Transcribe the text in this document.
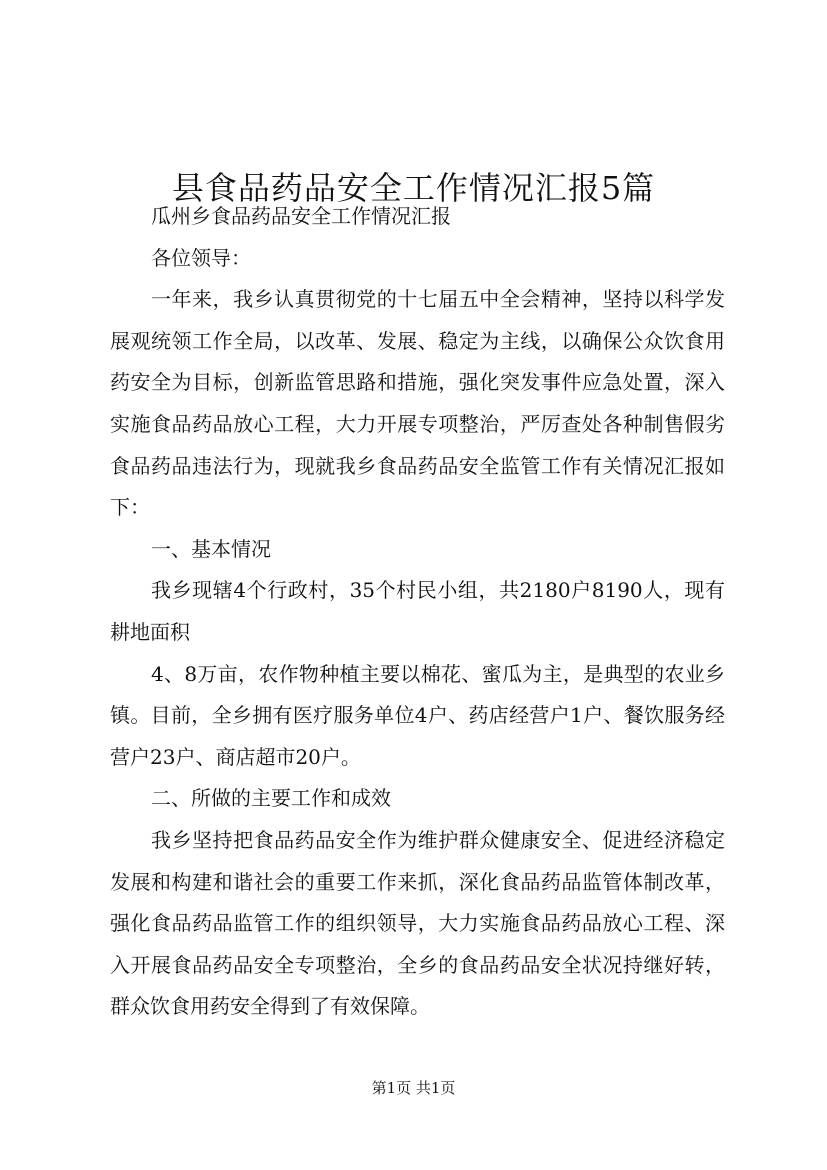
县食品药品安全工作情况汇报5篇

瓜州乡食品药品安全工作情况汇报

各位领导：

一年来，我乡认真贯彻党的十七届五中全会精神，坚持以科学发展观统领工作全局，以改革、发展、稳定为主线，以确保公众饮食用药安全为目标，创新监管思路和措施，强化突发事件应急处置，深入实施食品药品放心工程，大力开展专项整治，严厉查处各种制售假劣食品药品违法行为，现就我乡食品药品安全监管工作有关情况汇报如下：

一、基本情况

我乡现辖4个行政村，35个村民小组，共2180户8190人，现有耕地面积

4、8万亩，农作物种植主要以棉花、蜜瓜为主，是典型的农业乡镇。目前，全乡拥有医疗服务单位4户、药店经营户1户、餐饮服务经营户23户、商店超市20户。

二、所做的主要工作和成效

我乡坚持把食品药品安全作为维护群众健康安全、促进经济稳定发展和构建和谐社会的重要工作来抓，深化食品药品监管体制改革，强化食品药品监管工作的组织领导，大力实施食品药品放心工程、深入开展食品药品安全专项整治，全乡的食品药品安全状况持继好转，群众饮食用药安全得到了有效保障。

第1页 共1页
